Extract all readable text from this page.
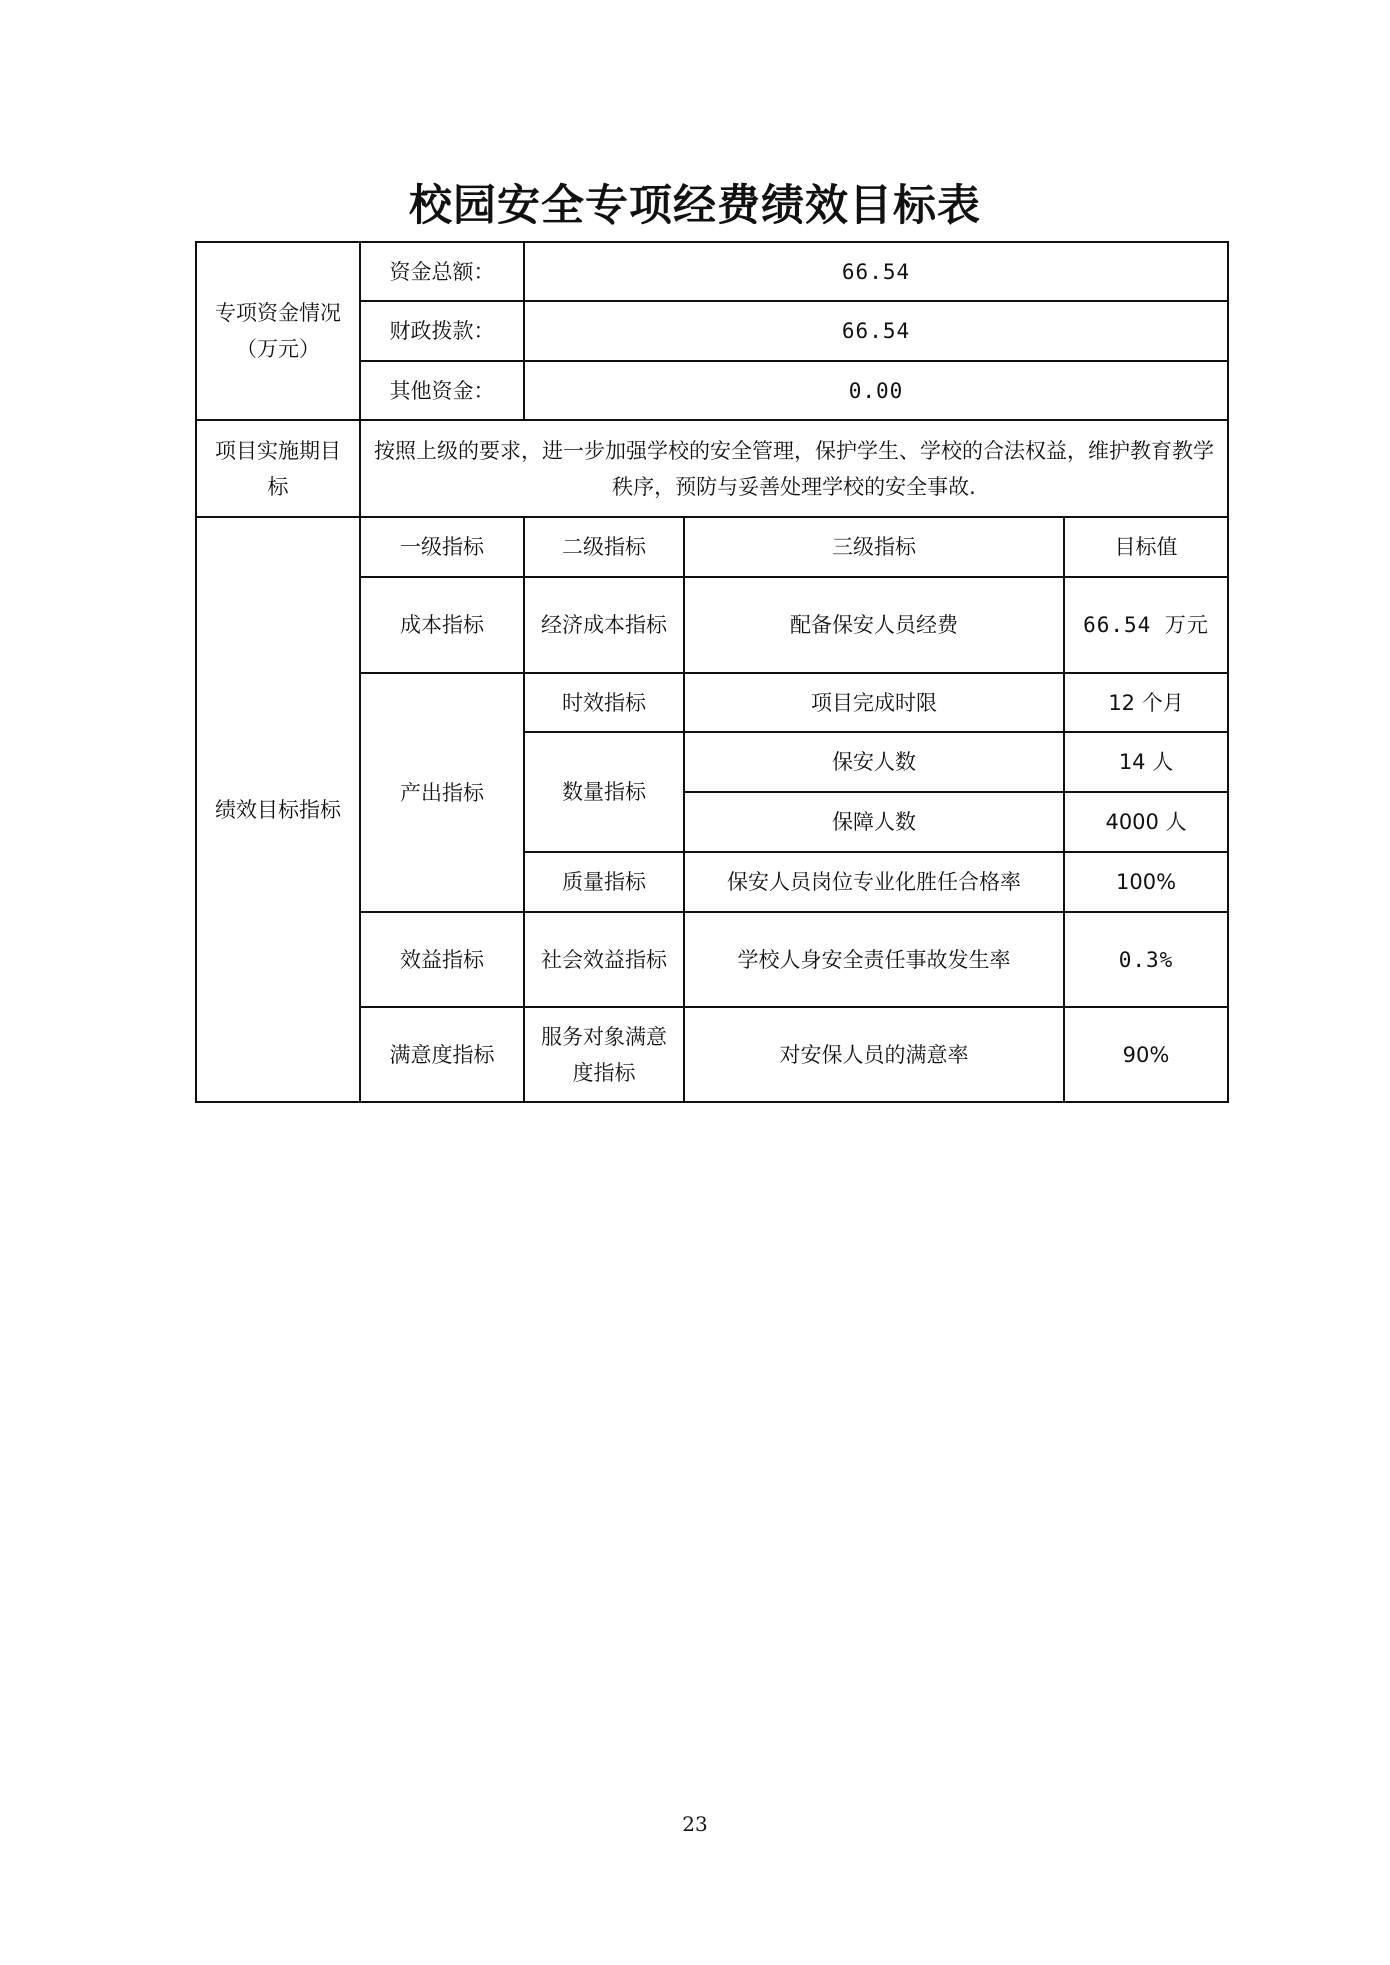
校园安全专项经费绩效目标表
专项资金情况（万元）	资金总额：	66.54		
	财政拨款：	66.54		
	其他资金：	0.00		
项目实施期目标	按照上级的要求，进一步加强学校的安全管理，保护学生、学校的合法权益，维护教育教学秩序，预防与妥善处理学校的安全事故.			
绩效目标指标	一级指标	二级指标	三级指标	目标值
	成本指标	经济成本指标	配备保安人员经费	66.54 万元
	产出指标	时效指标	项目完成时限	12 个月
		数量指标	保安人数	14 人
			保障人数	4000 人
		质量指标	保安人员岗位专业化胜任合格率	100%
	效益指标	社会效益指标	学校人身安全责任事故发生率	0.3%
	满意度指标	服务对象满意度指标	对安保人员的满意率	90%
23
